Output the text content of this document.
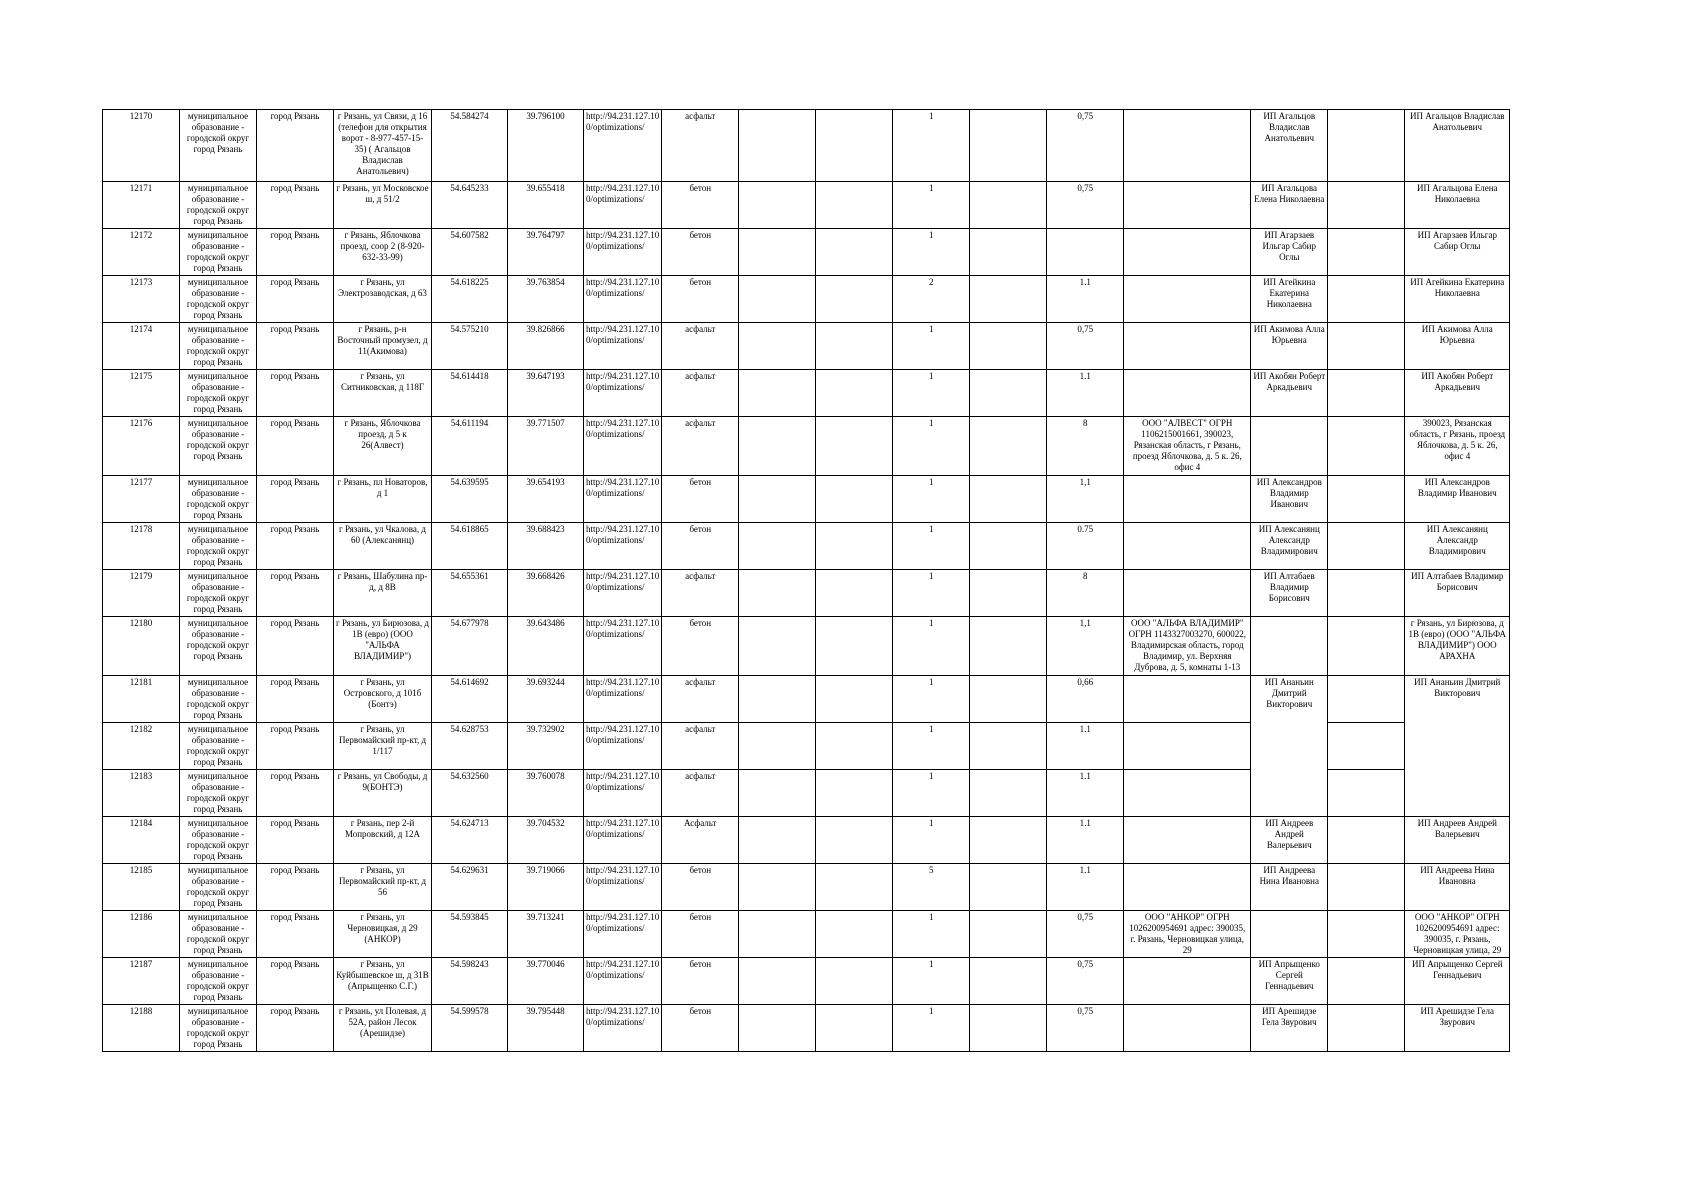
12170	муниципальное образование - городской округ город Рязань	город Рязань	г Рязань, ул Связи, д 16 (телефон для открытия ворот - 8-977-457-15-35) ( Агальцов Владислав Анатольевич)	54.584274	39.796100	http://94.231.127.10 0/optimizations/	асфальт			1		0,75		ИП Агальцов Владислав Анатольевич		ИП Агальцов Владислав Анатольевич
12171	муниципальное образование - городской округ город Рязань	город Рязань	г Рязань, ул Московское ш, д 51/2	54.645233	39.655418	http://94.231.127.10 0/optimizations/	бетон			1		0,75		ИП Агальцова Елена Николаевна		ИП Агальцова Елена Николаевна
12172	муниципальное образование - городской округ город Рязань	город Рязань	г Рязань, Яблочкова проезд, соор 2 (8-920-632-33-99)	54.607582	39.764797	http://94.231.127.10 0/optimizations/	бетон			1				ИП Агарзаев Ильгар Сабир Оглы		ИП Агарзаев Ильгар Сабир Оглы
12173	муниципальное образование - городской округ город Рязань	город Рязань	г Рязань, ул Электрозаводская, д 63	54.618225	39.763854	http://94.231.127.10 0/optimizations/	бетон			2		1.1		ИП Агейкина Екатерина Николаевна		ИП Агейкина Екатерина Николаевна
12174	муниципальное образование - городской округ город Рязань	город Рязань	г Рязань, р-н Восточный промузел, д 11(Акимова)	54.575210	39.826866	http://94.231.127.10 0/optimizations/	асфальт			1		0,75		ИП Акимова Алла Юрьевна		ИП Акимова Алла Юрьевна
12175	муниципальное образование - городской округ город Рязань	город Рязань	г Рязань, ул Ситниковская, д 118Г	54.614418	39.647193	http://94.231.127.10 0/optimizations/	асфальт			1		1.1		ИП Акобян Роберт Аркадьевич		ИП Акобян Роберт Аркадьевич
12176	муниципальное образование - городской округ город Рязань	город Рязань	г Рязань, Яблочкова проезд, д 5 к 26(Алвест)	54.611194	39.771507	http://94.231.127.10 0/optimizations/	асфальт			1		8	ООО "АЛВЕСТ" ОГРН 1106215001661, 390023, Рязанская область, г Рязань, проезд Яблочкова, д. 5 к. 26, офис 4			390023, Рязанская область, г Рязань, проезд Яблочкова, д. 5 к. 26, офис 4
12177	муниципальное образование - городской округ город Рязань	город Рязань	г Рязань, пл Новаторов, д 1	54.639595	39.654193	http://94.231.127.10 0/optimizations/	бетон			1		1,1		ИП Александров Владимир Иванович		ИП Александров Владимир Иванович
12178	муниципальное образование - городской округ город Рязань	город Рязань	г Рязань, ул Чкалова, д 60 (Алексанянц)	54.618865	39.688423	http://94.231.127.10 0/optimizations/	бетон			1		0.75		ИП Алексанянц Александр Владимирович		ИП Алексанянц Александр Владимирович
12179	муниципальное образование - городской округ город Рязань	город Рязань	г Рязань, Шабулина пр-д, д 8В	54.655361	39.668426	http://94.231.127.10 0/optimizations/	асфальт			1		8		ИП Алтабаев Владимир Борисович		ИП Алтабаев Владимир Борисович
12180	муниципальное образование - городской округ город Рязань	город Рязань	г Рязань, ул Бирюзова, д 1В (евро) (ООО "АЛЬФА ВЛАДИМИР")	54.677978	39.643486	http://94.231.127.10 0/optimizations/	бетон			1		1,1	ООО "АЛЬФА ВЛАДИМИР" ОГРН 1143327003270, 600022, Владимирская область, город Владимир, ул. Верхняя Дуброва, д. 5, комнаты 1-13			г Рязань, ул Бирюзова, д 1В (евро) (ООО "АЛЬФА ВЛАДИМИР") ООО АРАХНА
12181	муниципальное образование - городской округ город Рязань	город Рязань	г Рязань, ул Островского, д 101б (Бонтэ)	54.614692	39.693244	http://94.231.127.10 0/optimizations/	асфальт			1		0,66		ИП Ананьин Дмитрий Викторович		ИП Ананьин Дмитрий Викторович
12182	муниципальное образование - городской округ город Рязань	город Рязань	г Рязань, ул Первомайский пр-кт, д 1/117	54.628753	39.732902	http://94.231.127.10 0/optimizations/	асфальт			1		1.1				
12183	муниципальное образование - городской округ город Рязань	город Рязань	г Рязань, ул Свободы, д 9(БОНТЭ)	54.632560	39.760078	http://94.231.127.10 0/optimizations/	асфальт			1		1.1				
12184	муниципальное образование - городской округ город Рязань	город Рязань	г Рязань, пер 2-й Мопровский, д 12А	54.624713	39.704532	http://94.231.127.10 0/optimizations/	Асфальт			1		1.1		ИП Андреев Андрей Валерьевич		ИП Андреев Андрей Валерьевич
12185	муниципальное образование - городской округ город Рязань	город Рязань	г Рязань, ул Первомайский пр-кт, д 56	54.629631	39.719066	http://94.231.127.10 0/optimizations/	бетон			5		1.1		ИП Андреева Нина Ивановна		ИП Андреева Нина Ивановна
12186	муниципальное образование - городской округ город Рязань	город Рязань	г Рязань, ул Черновицкая, д 29 (АНКОР)	54.593845	39.713241	http://94.231.127.10 0/optimizations/	бетон			1		0,75	ООО "АНКОР" ОГРН 1026200954691 адрес: 390035, г. Рязань, Черновицкая улица, 29			ООО "АНКОР" ОГРН 1026200954691 адрес: 390035, г. Рязань, Черновицкая улица, 29
12187	муниципальное образование - городской округ город Рязань	город Рязань	г Рязань, ул Куйбышевское ш, д 31В (Апрыщенко С.Г.)	54.598243	39.770046	http://94.231.127.10 0/optimizations/	бетон			1		0,75		ИП Апрыщенко Сергей Геннадьевич		ИП Апрыщенко Сергей Геннадьевич
12188	муниципальное образование - городской округ город Рязань	город Рязань	г Рязань, ул Полевая, д 52А, район Лесок (Арешидзе)	54.599578	39.795448	http://94.231.127.10 0/optimizations/	бетон			1		0,75		ИП Арешидзе Гела Звурович		ИП Арешидзе Гела Звурович
